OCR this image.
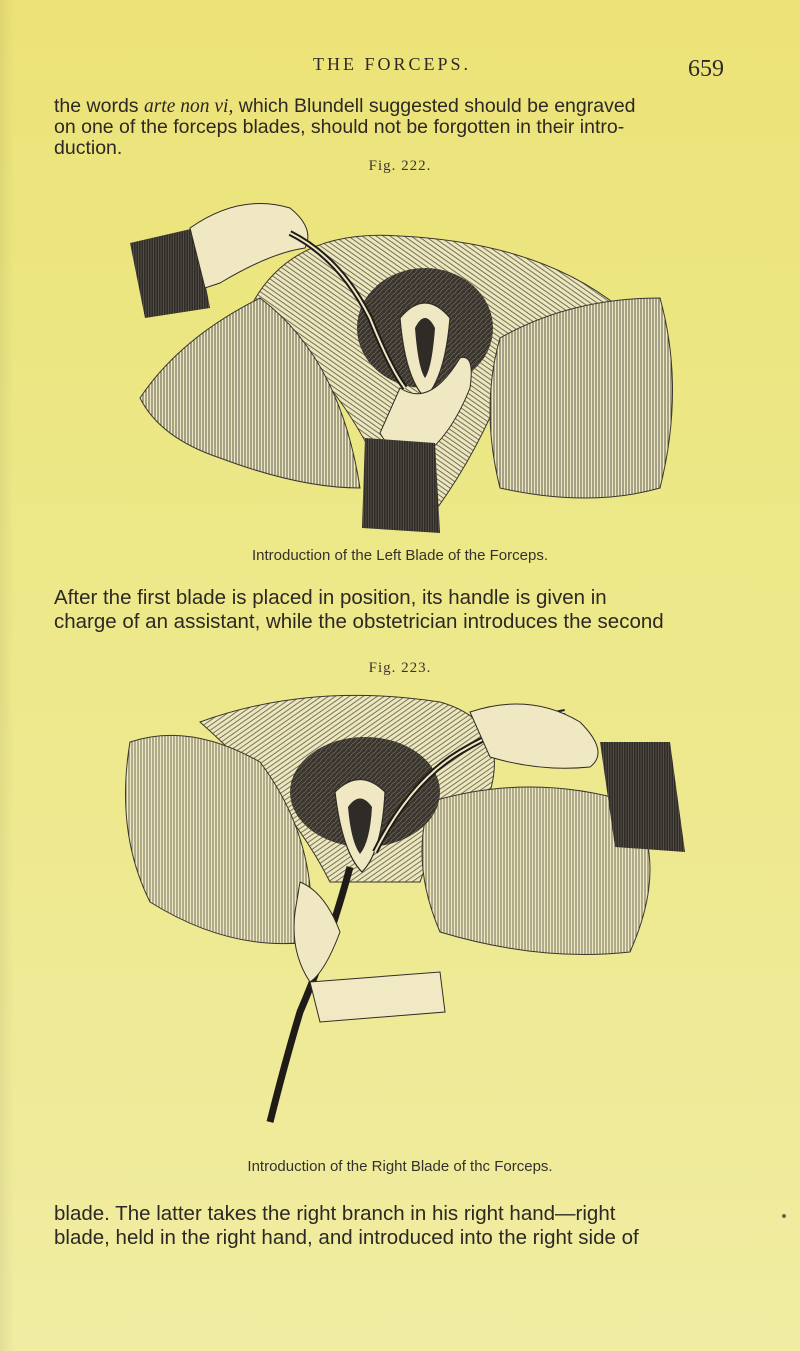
THE FORCEPS.	659

the words arte non vi, which Blundell suggested should be engraved
on one of the forceps blades, should not be forgotten in their intro-
duction.

Fig. 222.
Introduction of the Left Blade of the Forceps.

After the first blade is placed in position, its handle is given in
charge of an assistant, while the obstetrician introduces the second

Fig. 223.
Introduction of the Right Blade of thc Forceps.

blade. The latter takes the right branch in his right hand—right
blade, held in the right hand, and introduced into the right side of
